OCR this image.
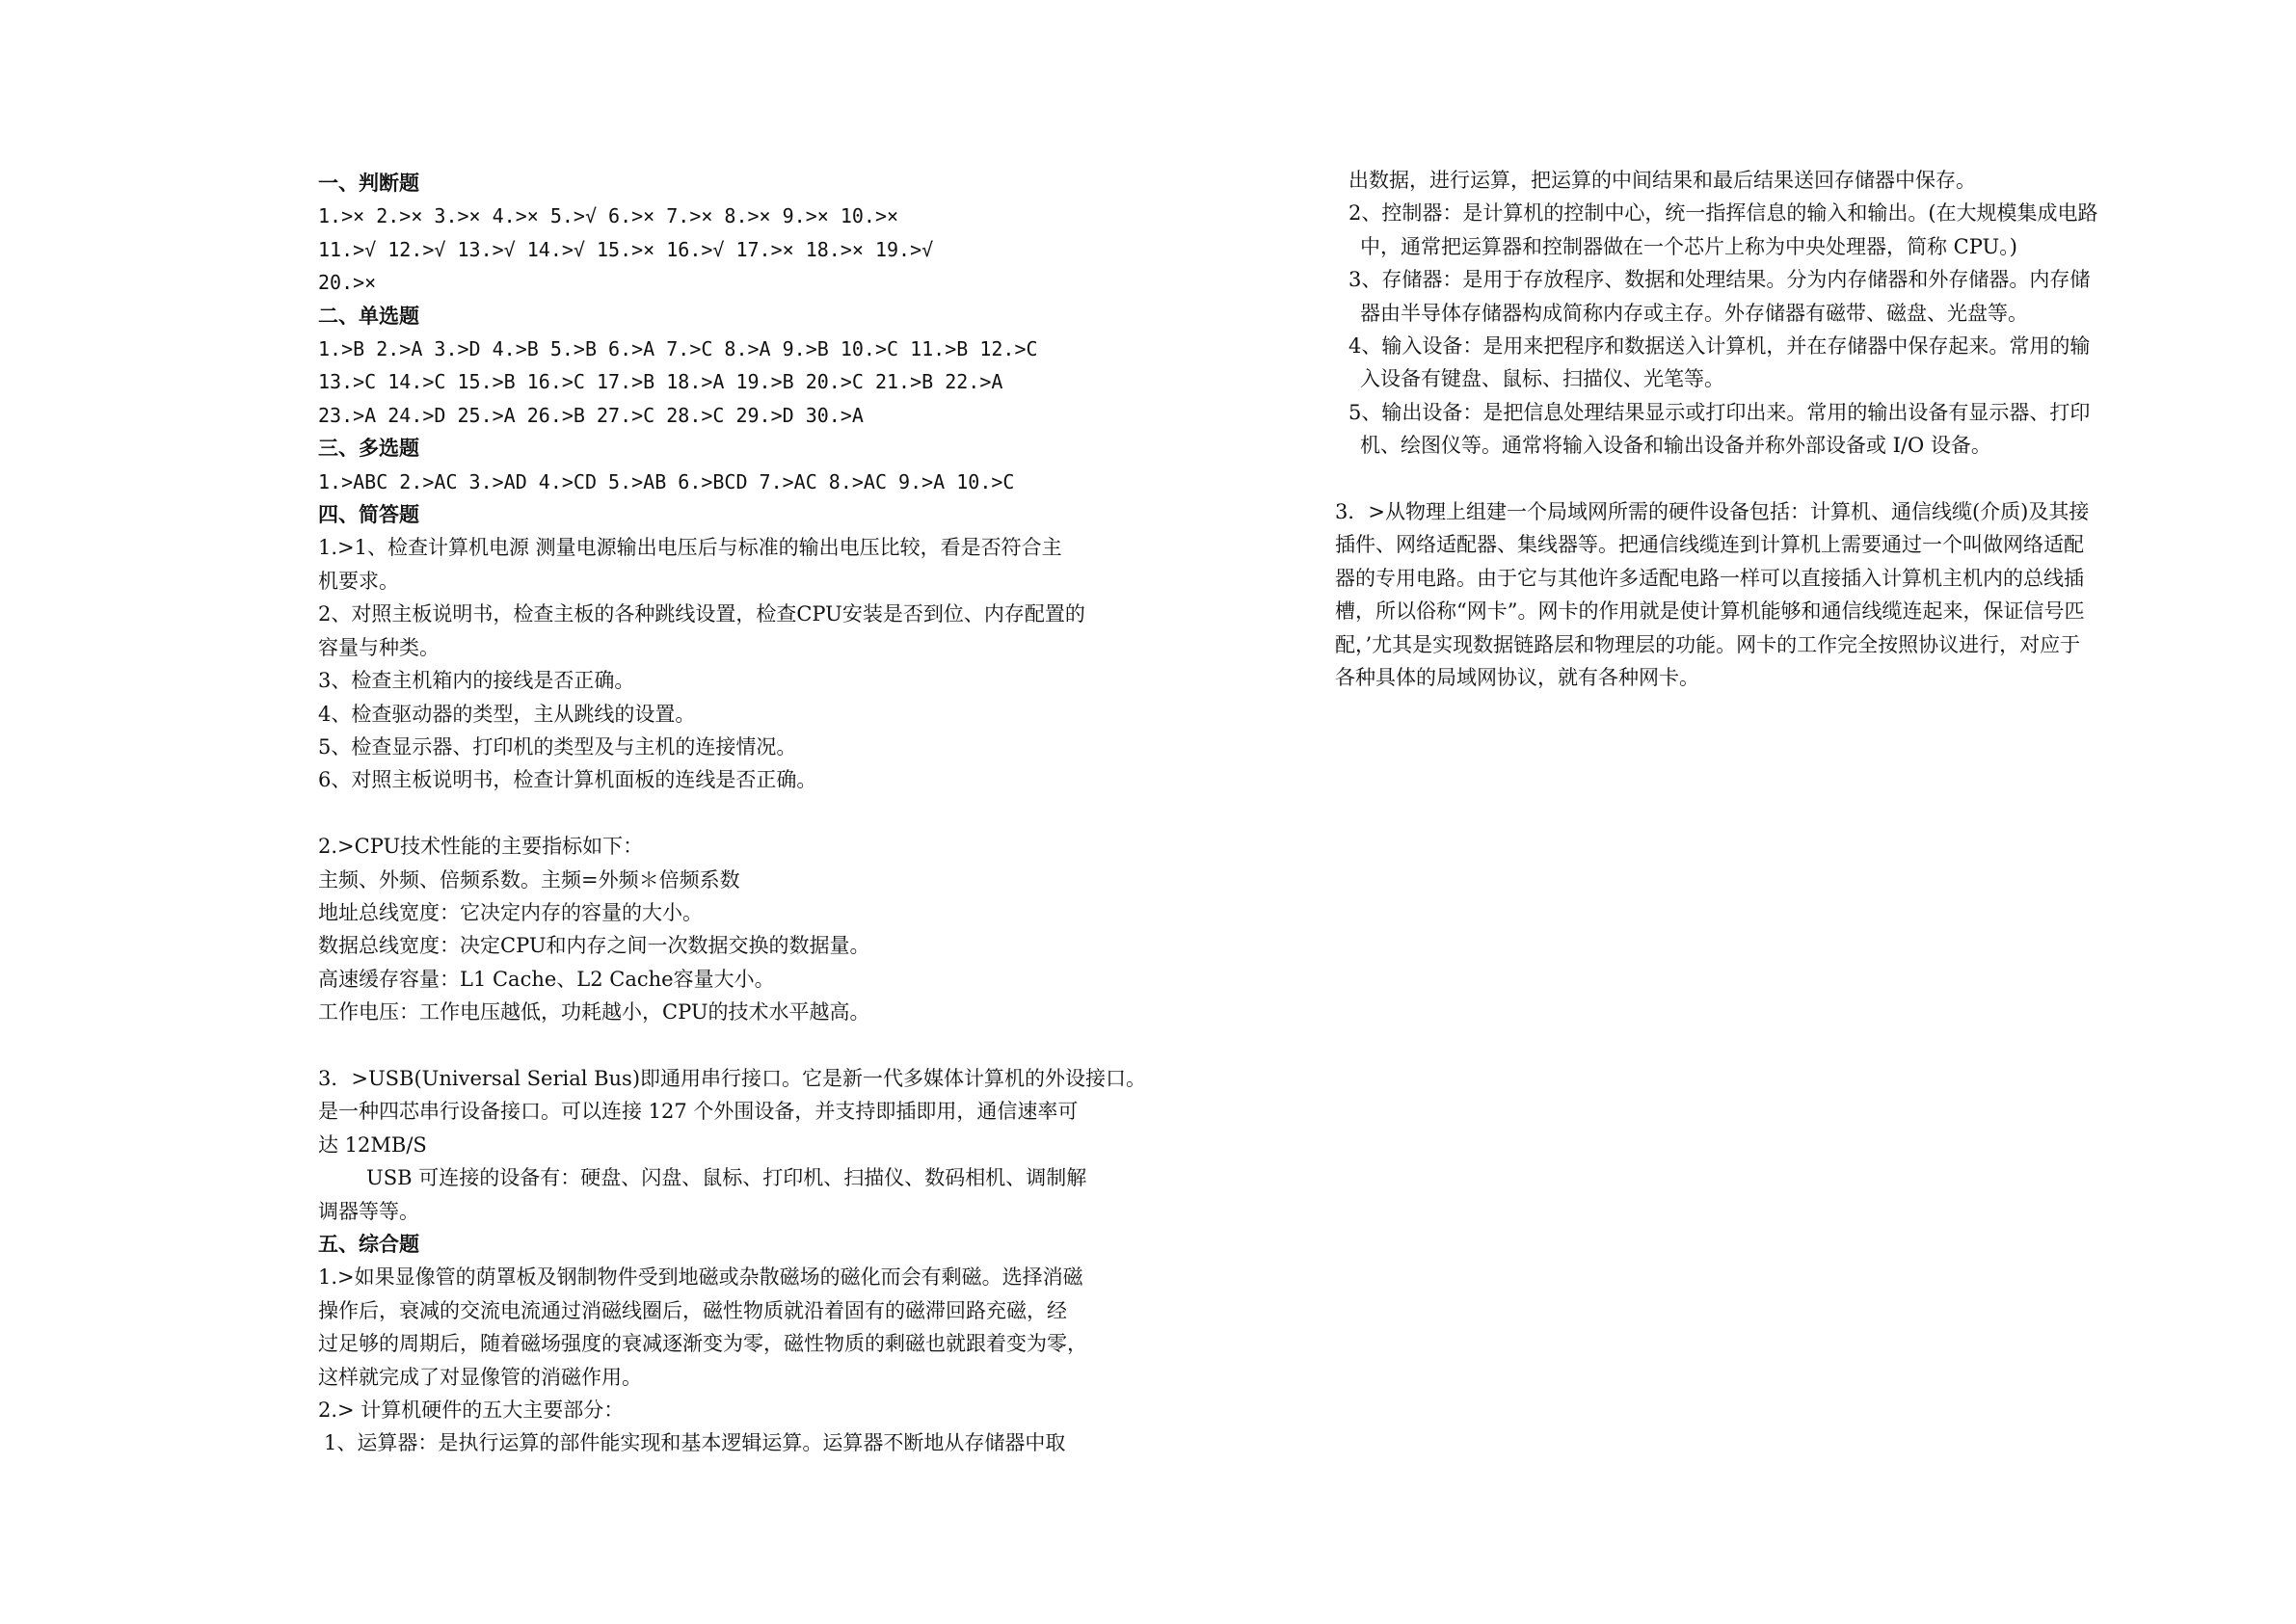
一、判断题
1.>× 2.>× 3.>× 4.>× 5.>√ 6.>× 7.>× 8.>× 9.>× 10.>×
11.>√ 12.>√ 13.>√ 14.>√ 15.>× 16.>√ 17.>× 18.>× 19.>√
20.>×
二、单选题
1.>B 2.>A 3.>D 4.>B 5.>B 6.>A 7.>C 8.>A 9.>B 10.>C 11.>B 12.>C
13.>C 14.>C 15.>B 16.>C 17.>B 18.>A 19.>B 20.>C 21.>B 22.>A
23.>A 24.>D 25.>A 26.>B 27.>C 28.>C 29.>D 30.>A
三、多选题
1.>ABC 2.>AC 3.>AD 4.>CD 5.>AB 6.>BCD 7.>AC 8.>AC 9.>A 10.>C
四、简答题
1.>1、检查计算机电源 测量电源输出电压后与标准的输出电压比较，看是否符合主
机要求。
2、对照主板说明书，检查主板的各种跳线设置，检查CPU安装是否到位、内存配置的
容量与种类。
3、检查主机箱内的接线是否正确。
4、检查驱动器的类型，主从跳线的设置。
5、检查显示器、打印机的类型及与主机的连接情况。
6、对照主板说明书，检查计算机面板的连线是否正确。
2.>CPU技术性能的主要指标如下：
主频、外频、倍频系数。主频=外频＊倍频系数
地址总线宽度：它决定内存的容量的大小。
数据总线宽度：决定CPU和内存之间一次数据交换的数据量。
高速缓存容量：L1 Cache、L2 Cache容量大小。
工作电压：工作电压越低，功耗越小，CPU的技术水平越高。
3．>USB(Universal Serial Bus)即通用串行接口。它是新一代多媒体计算机的外设接口。
是一种四芯串行设备接口。可以连接 127 个外围设备，并支持即插即用，通信速率可
达 12MB/S
USB 可连接的设备有：硬盘、闪盘、鼠标、打印机、扫描仪、数码相机、调制解
调器等等。
五、综合题
1.>如果显像管的荫罩板及钢制物件受到地磁或杂散磁场的磁化而会有剩磁。选择消磁
操作后，衰减的交流电流通过消磁线圈后，磁性物质就沿着固有的磁滞回路充磁，经
过足够的周期后，随着磁场强度的衰减逐渐变为零，磁性物质的剩磁也就跟着变为零，
这样就完成了对显像管的消磁作用。
2.> 计算机硬件的五大主要部分：
1、运算器：是执行运算的部件能实现和基本逻辑运算。运算器不断地从存储器中取
出数据，进行运算，把运算的中间结果和最后结果送回存储器中保存。
2、控制器：是计算机的控制中心，统一指挥信息的输入和输出。(在大规模集成电路
中，通常把运算器和控制器做在一个芯片上称为中央处理器，简称 CPU。)
3、存储器：是用于存放程序、数据和处理结果。分为内存储器和外存储器。内存储
器由半导体存储器构成简称内存或主存。外存储器有磁带、磁盘、光盘等。
4、输入设备：是用来把程序和数据送入计算机，并在存储器中保存起来。常用的输
入设备有键盘、鼠标、扫描仪、光笔等。
5、输出设备：是把信息处理结果显示或打印出来。常用的输出设备有显示器、打印
机、绘图仪等。通常将输入设备和输出设备并称外部设备或 I/O 设备。
3．>从物理上组建一个局域网所需的硬件设备包括：计算机、通信线缆(介质)及其接
插件、网络适配器、集线器等。把通信线缆连到计算机上需要通过一个叫做网络适配
器的专用电路。由于它与其他许多适配电路一样可以直接插入计算机主机内的总线插
槽，所以俗称“网卡”。网卡的作用就是使计算机能够和通信线缆连起来，保证信号匹
配，’尤其是实现数据链路层和物理层的功能。网卡的工作完全按照协议进行，对应于
各种具体的局域网协议，就有各种网卡。
